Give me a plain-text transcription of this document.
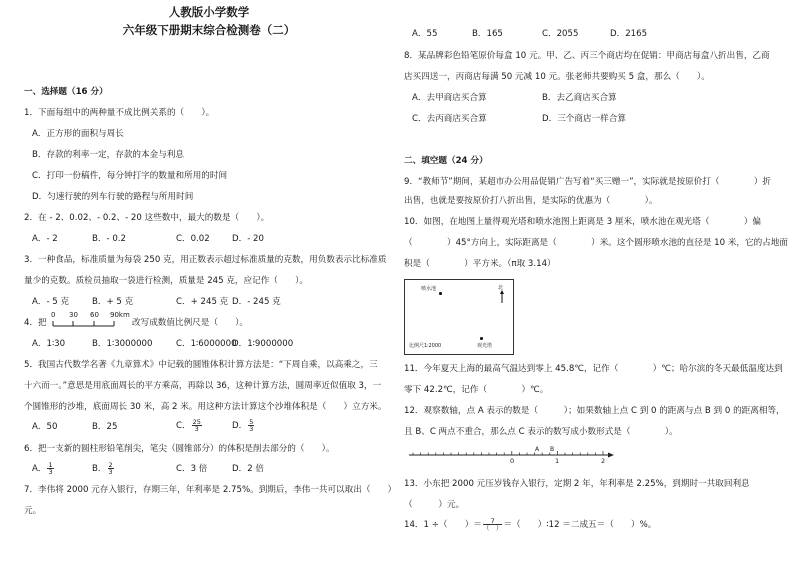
人教版小学数学
六年级下册期末综合检测卷（二）
一、选择题（16 分）
1．下面每组中的两种量不成比例关系的（　　）。
A．正方形的面积与周长
B．存款的利率一定，存款的本金与利息
C．打印一份稿件，每分钟打字的数量和所用的时间
D．匀速行驶的列车行驶的路程与所用时间
2．在 - 2、0.02、- 0.2、- 20 这些数中，最大的数是（　　）。
A．- 2	B．- 0.2	C．0.02	D．- 20
3．一种食品，标准质量为每袋 250 克，用正数表示超过标准质量的克数，用负数表示比标准质
量少的克数。质检员抽取一袋进行检测，质量是 245 克，应记作（　　）。
A．- 5 克	B．+ 5 克	C．+ 245 克 D．- 245 克
4．把
0 30 60 90km
改写成数值比例尺是（　　）。
A．1∶30	B．1∶3000000	C．1∶6000000
D．1∶9000000
5．我国古代数学名著《九章算术》中记载的圆锥体积计算方法是：“下周自乘，以高乘之，三
十六而一。”意思是用底面周长的平方乘高，再除以 36，这种计算方法，圆周率近似值取 3，一
个圆锥形的沙堆，底面周长 30 米，高 2 米。用这种方法计算这个沙堆体积是（　　）立方米。
A．50	B．25	C． $\frac{25}{3}$	D． $\frac{5}{3}$
6．把一支新的圆柱形铅笔削尖，笔尖（圆锥部分）的体积是削去部分的（　　）。
A． $\frac{1}{3}$	B． $\frac{2}{3}$	C．3 倍	D．2 倍
7．李伟将 2000 元存入银行，存期三年，年利率是 2.75%。到期后，李伟一共可以取出（　　）
元。
A．55	B．165	C．2055	D．2165
8．某品牌彩色铅笔原价每盒 10 元。甲、乙、丙三个商店均在促销：甲商店每盒八折出售，乙商
店买四送一，丙商店每满 50 元减 10 元。张老师共要购买 5 盒，那么（　　）。
A．去甲商店买合算	B．去乙商店买合算
C．去丙商店买合算	D．三个商店一样合算
二、填空题（24 分）
9．“教师节”期间，某超市办公用品促销广告写着“买三赠一”，实际就是按原价打（　　　　）折
出售，也就是要按原价打八折出售，是实际的优惠为（　　　　）。
10．如图，在地图上量得观光塔和喷水池图上距离是 3 厘米，喷水池在观光塔（　　　　）偏
（　　　　）45°方向上，实际距离是（　　　　）米。这个圆形喷水池的直径是 10 米，它的占地面
积是（　　　　）平方米。（π取 3.14）
喷水池	北
比例尺1∶2000	观光塔
11．今年夏天上海的最高气温达到零上 45.8℃，记作（　　　　）℃；哈尔滨的冬天最低温度达到
零下 42.2℃，记作（　　　　）℃。
12．观察数轴，点 A 表示的数是（　　　）；如果数轴上点 C 到 0 的距离与点 B 到 0 的距离相等，
且 B、C 两点不重合，那么点 C 表示的数写成小数形式是（　　　　）。
A B
0	1	2
13．小东把 2000 元压岁钱存入银行，定期 2 年，年利率是 2.25%，到期时一共取回利息
（　　　）元。
14．1 ÷（　　）＝ $\frac{7}{( )}$ ＝（　　）∶12 ＝二成五＝（　　）%。
